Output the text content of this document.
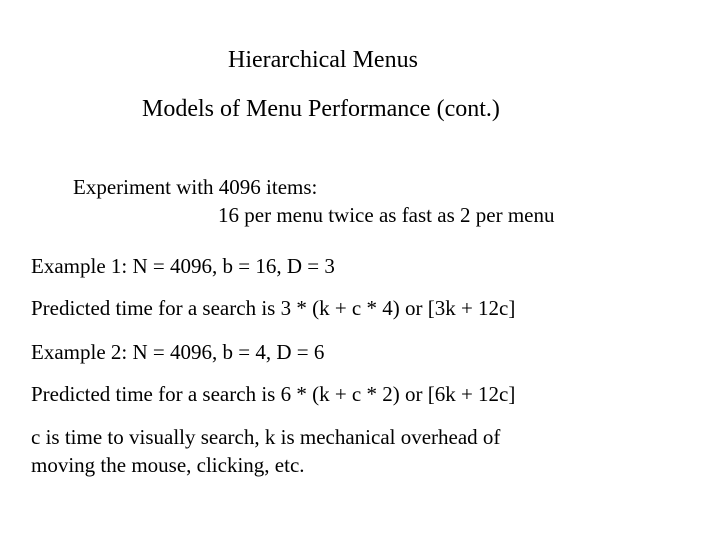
Hierarchical Menus
Models of Menu Performance (cont.)
Experiment with 4096 items:
16 per menu twice as fast as 2 per menu
Example 1: N = 4096, b = 16, D = 3
Predicted time for a search is 3 * (k + c * 4) or [3k + 12c]
Example 2: N = 4096, b = 4, D = 6
Predicted time for a search is 6 * (k + c * 2) or [6k + 12c]
c is time to visually search, k is mechanical overhead of
moving the mouse, clicking, etc.
